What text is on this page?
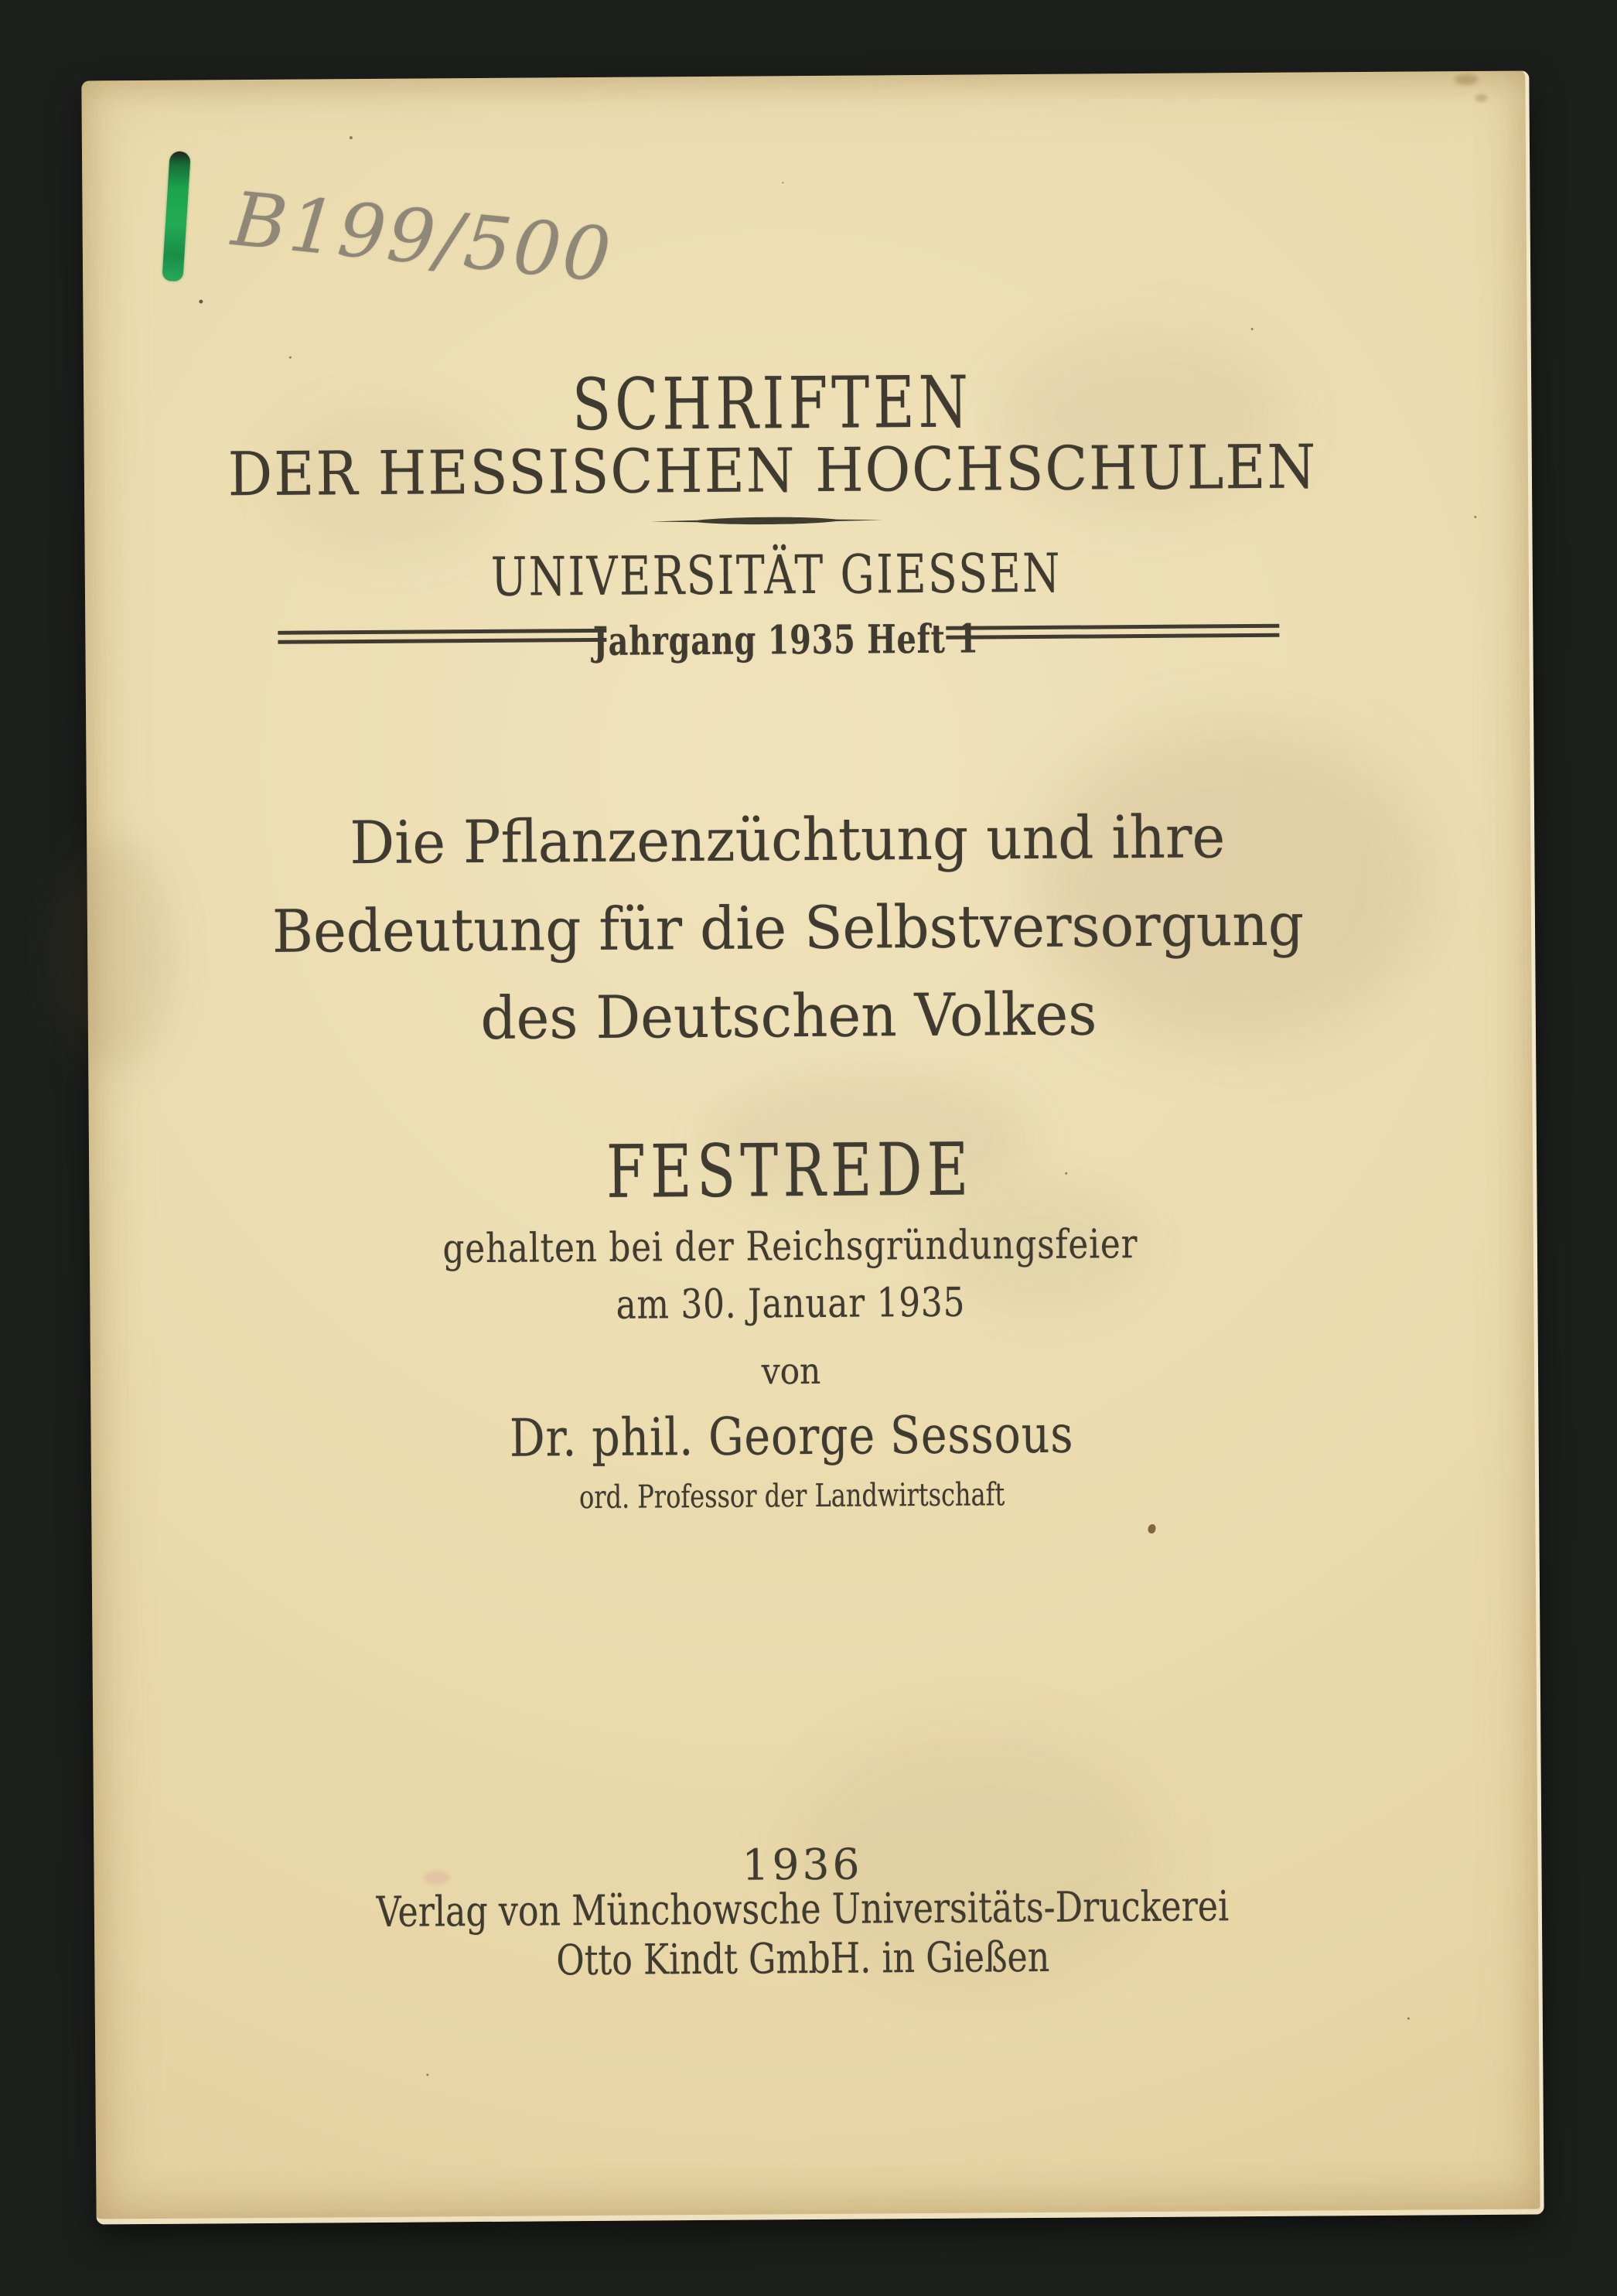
B199/500
SCHRIFTEN
DER HESSISCHEN HOCHSCHULEN
UNIVERSITÄT GIESSEN
Jahrgang 1935 Heft 1
Die Pflanzenzüchtung und ihre
Bedeutung für die Selbstversorgung
des Deutschen Volkes
FESTREDE
gehalten bei der Reichsgründungsfeier
am 30. Januar 1935
von
Dr. phil. George Sessous
ord. Professor der Landwirtschaft
1936
Verlag von Münchowsche Universitäts-Druckerei
Otto Kindt GmbH. in Gießen
